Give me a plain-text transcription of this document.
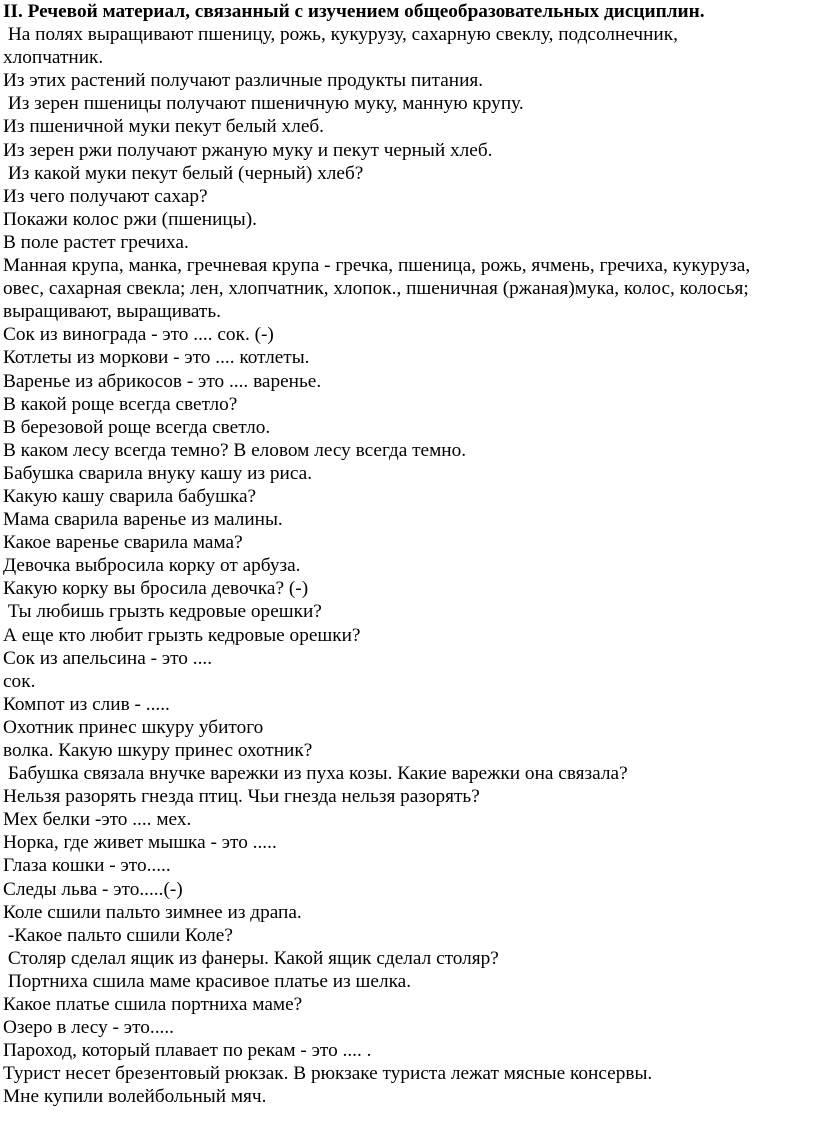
II. Речевой материал, связанный с изучением общеобразовательных дисциплин.
На полях выращивают пшеницу, рожь, кукурузу, сахарную свеклу, подсолнечник,
хлопчатник.
Из этих растений получают различные продукты питания.
Из зерен пшеницы получают пшеничную муку, манную крупу.
Из пшеничной муки пекут белый хлеб.
Из зерен ржи получают ржаную муку и пекут черный хлеб.
Из какой муки пекут белый (черный) хлеб?
Из чего получают сахар?
Покажи колос ржи (пшеницы).
В поле растет гречиха.
Манная крупа, манка, гречневая крупа - гречка, пшеница, рожь, ячмень, гречиха, кукуруза,
овес, сахарная свекла; лен, хлопчатник, хлопок., пшеничная (ржаная)мука, колос, колосья;
выращивают, выращивать.
Сок из винограда - это .... сок. (-)
Котлеты из моркови - это .... котлеты.
Варенье из абрикосов - это .... варенье.
В какой роще всегда светло?
В березовой роще всегда светло.
В каком лесу всегда темно? В еловом лесу всегда темно.
Бабушка сварила внуку кашу из риса.
Какую кашу сварила бабушка?
Мама сварила варенье из малины.
Какое варенье сварила мама?
Девочка выбросила корку от арбуза.
Какую корку вы бросила девочка? (-)
Ты любишь грызть кедровые орешки?
А еще кто любит грызть кедровые орешки?
Сок из апельсина - это ....
сок.
Компот из слив - .....
Охотник принес шкуру убитого
волка. Какую шкуру принес охотник?
Бабушка связала внучке варежки из пуха козы. Какие варежки она связала?
Нельзя разорять гнезда птиц. Чьи гнезда нельзя разорять?
Мех белки -это .... мех.
Норка, где живет мышка - это .....
Глаза кошки - это.....
Следы льва - это.....(-)
Коле сшили пальто зимнее из драпа.
-Какое пальто сшили Коле?
Столяр сделал ящик из фанеры. Какой ящик сделал столяр?
Портниха сшила маме красивое платье из шелка.
Какое платье сшила портниха маме?
Озеро в лесу - это.....
Пароход, который плавает по рекам - это .... .
Турист несет брезентовый рюкзак. В рюкзаке туриста лежат мясные консервы.
Мне купили волейбольный мяч.
